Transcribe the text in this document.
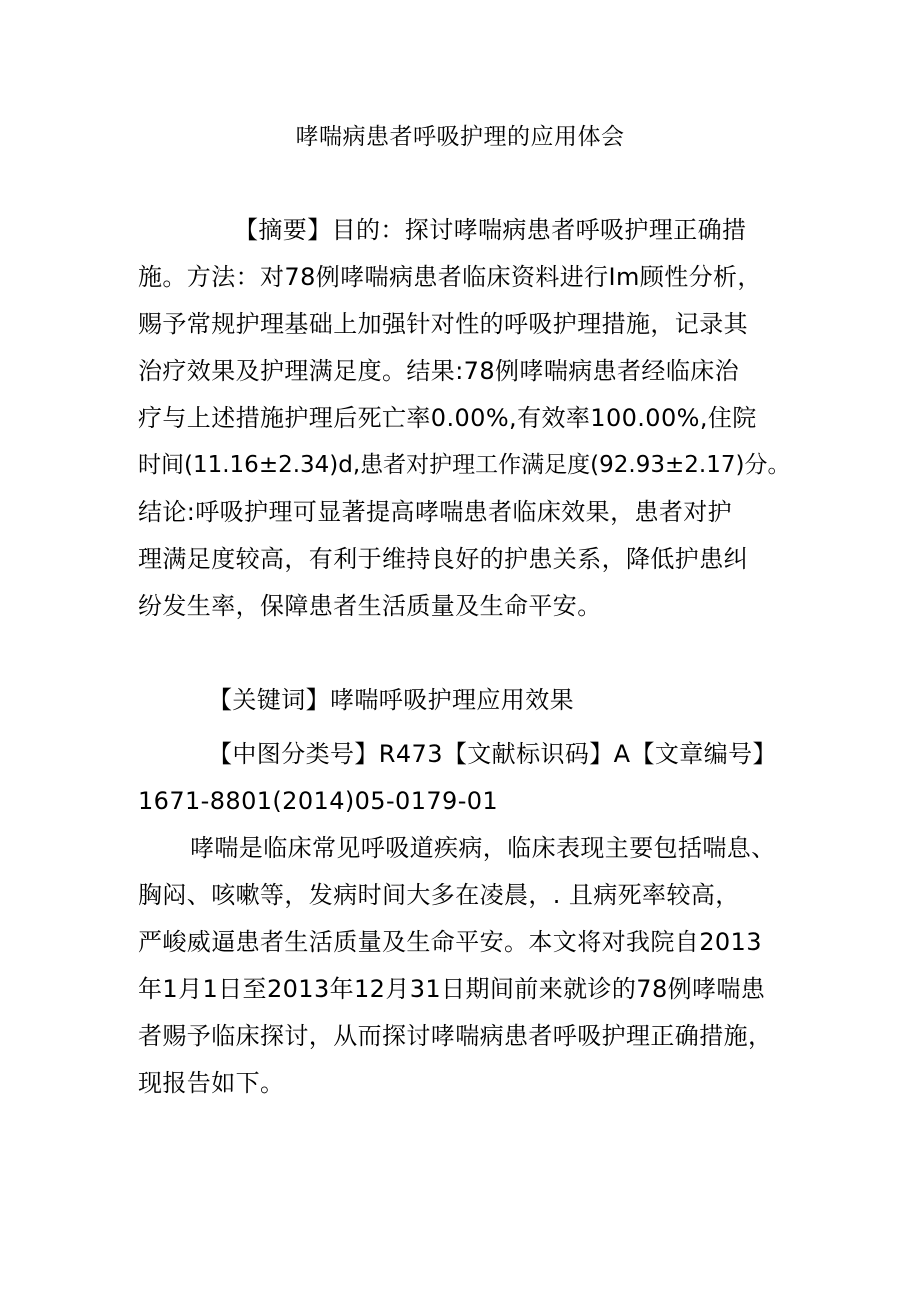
哮喘病患者呼吸护理的应用体会
【摘要】目的：探讨哮喘病患者呼吸护理正确措
施。方法：对78例哮喘病患者临床资料进行Im顾性分析，
赐予常规护理基础上加强针对性的呼吸护理措施，记录其
治疗效果及护理满足度。结果:78例哮喘病患者经临床治
疗与上述措施护理后死亡率0.00%,有效率100.00%,住院
时间(11.16±2.34)d,患者对护理工作满足度(92.93±2.17)分。
结论:呼吸护理可显著提高哮喘患者临床效果，患者对护
理满足度较高，有利于维持良好的护患关系，降低护患纠
纷发生率，保障患者生活质量及生命平安。
【关键词】哮喘呼吸护理应用效果
【中图分类号】R473【文献标识码】A【文章编号】
1671-8801(2014)05-0179-01
哮喘是临床常见呼吸道疾病，临床表现主要包括喘息、
胸闷、咳嗽等，发病时间大多在凌晨，. 且病死率较高，
严峻威逼患者生活质量及生命平安。本文将对我院自2013
年1月1日至2013年12月31日期间前来就诊的78例哮喘患
者赐予临床探讨，从而探讨哮喘病患者呼吸护理正确措施，
现报告如下。
